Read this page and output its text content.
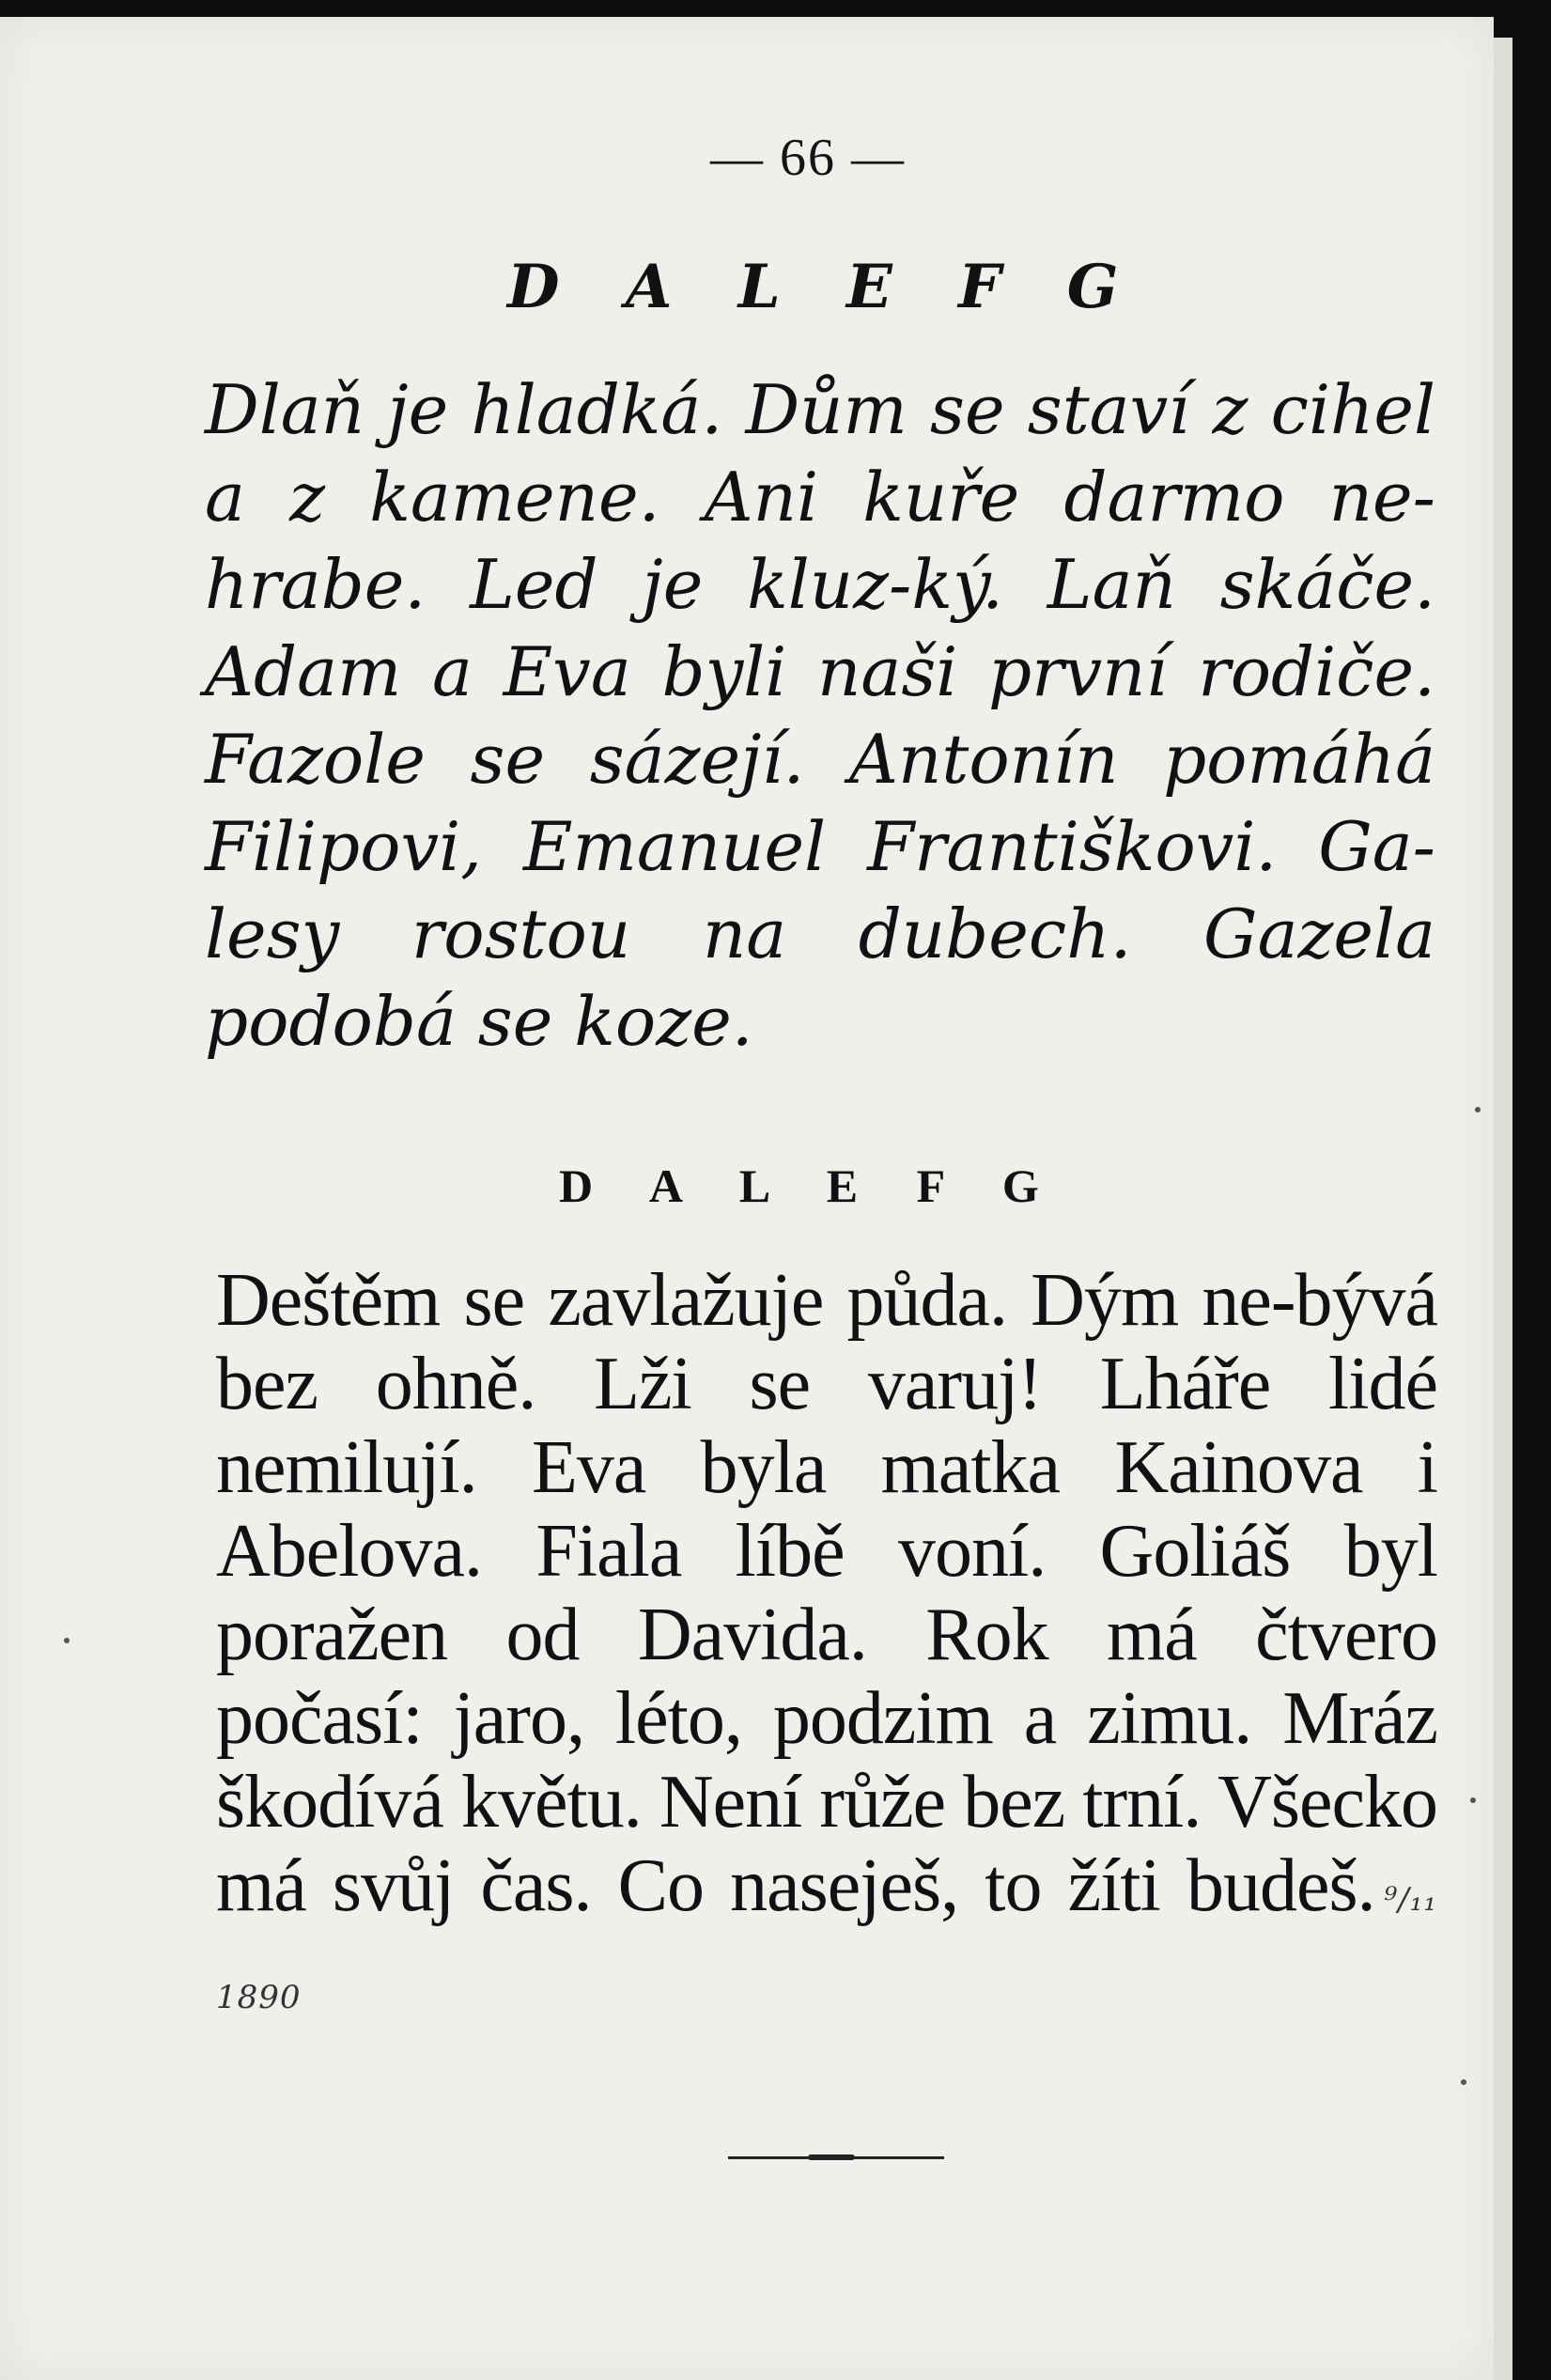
— 66 —
D A L E F G

Dlaň je hladká. Dům se staví z cihel a z kamene. Ani kuře darmo ne-hrabe. Led je kluz-ký. Laň skáče. Adam a Eva byli naši první rodiče. Fazole se sázejí. Antonín pomáhá Filipovi, Emanuel Františkovi. Ga-lesy rostou na dubech. Gazela podobá se koze.

D A L E F G

Deštěm se zavlažuje půda. Dým ne-bývá bez ohně. Lži se varuj! Lháře lidé nemilují. Eva byla matka Kainova i Abelova. Fiala líbě voní. Goliáš byl poražen od Davida. Rok má čtvero počasí: jaro, léto, podzim a zimu. Mráz škodívá květu. Není růže bez trní. Všecko má svůj čas. Co naseješ, to žíti budeš. ⁹/₁₁ 1890
